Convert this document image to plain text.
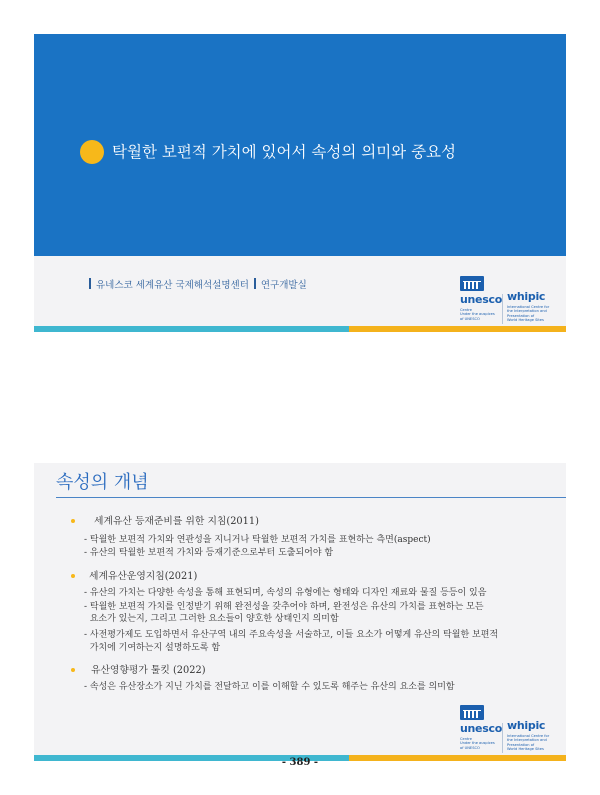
탁월한 보편적 가치에 있어서 속성의 의미와 중요성
유네스코 세계유산 국제해석설명센터 연구개발실
unesco
Centre
Under the auspices
of UNESCO
whipic
International Centre for
the Interpretation and Presentation of
World Heritage Sites
속성의 개념
세계유산 등재준비를 위한 지침(2011)
- 탁월한 보편적 가치와 연관성을 지니거나 탁월한 보편적 가치를 표현하는 측면(aspect)
- 유산의 탁월한 보편적 가치와 등재기준으로부터 도출되어야 함
세계유산운영지침(2021)
- 유산의 가치는 다양한 속성을 통해 표현되며, 속성의 유형에는 형태와 디자인 재료와 물질 등등이 있음
- 탁월한 보편적 가치를 인정받기 위해 완전성을 갖추어야 하며, 완전성은 유산의 가치를 표현하는 모든
요소가 있는지, 그리고 그러한 요소들이 양호한 상태인지 의미함
- 사전평가제도 도입하면서 유산구역 내의 주요속성을 서술하고, 이들 요소가 어떻게 유산의 탁월한 보편적
가치에 기여하는지 설명하도록 함
유산영향평가 툴킷 (2022)
- 속성은 유산장소가 지닌 가치를 전달하고 이를 이해할 수 있도록 해주는 유산의 요소를 의미함
unesco
Centre
Under the auspices
of UNESCO
whipic
International Centre for
the Interpretation and Presentation of
World Heritage Sites
- 389 -
